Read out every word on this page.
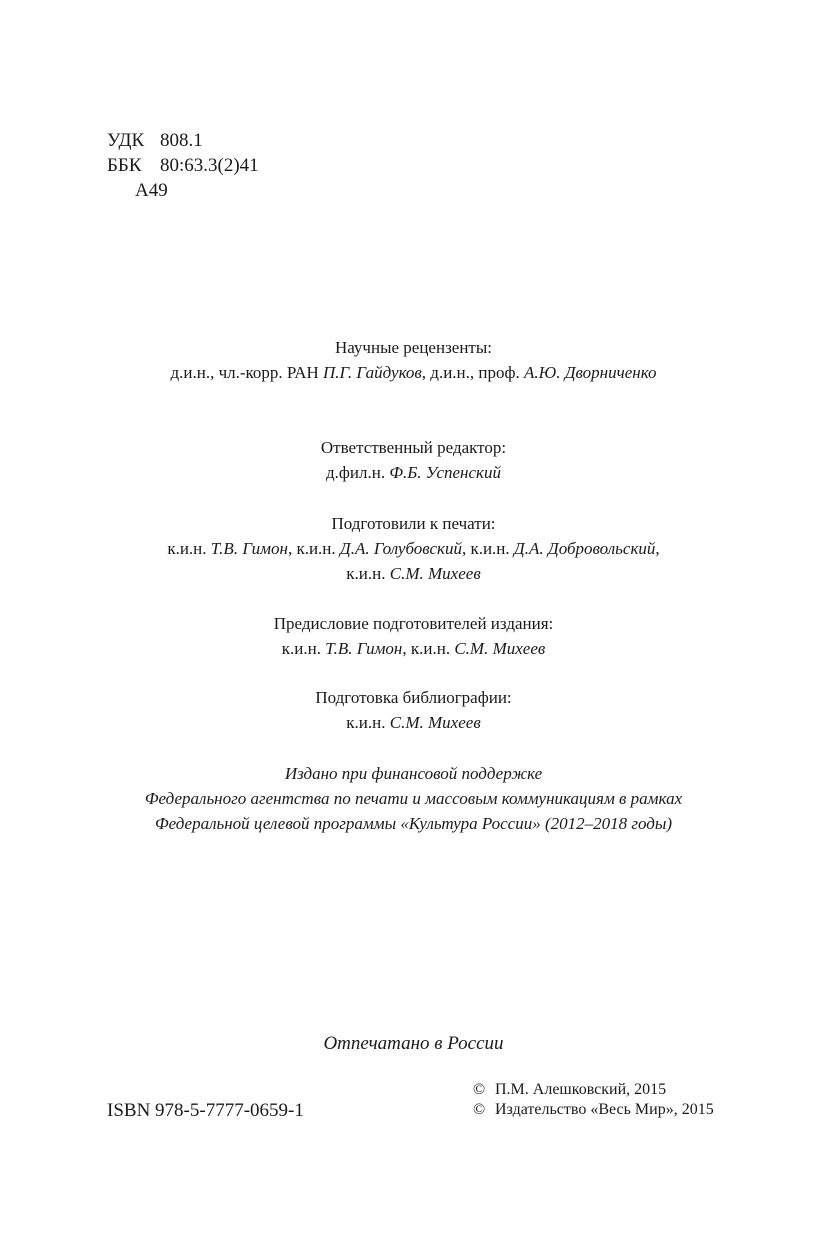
УДК 808.1
ББК 80:63.3(2)41
А49
Научные рецензенты:
д.и.н., чл.-корр. РАН П.Г. Гайдуков, д.и.н., проф. А.Ю. Дворниченко
Ответственный редактор:
д.фил.н. Ф.Б. Успенский
Подготовили к печати:
к.и.н. Т.В. Гимон, к.и.н. Д.А. Голубовский, к.и.н. Д.А. Добровольский,
к.и.н. С.М. Михеев
Предисловие подготовителей издания:
к.и.н. Т.В. Гимон, к.и.н. С.М. Михеев
Подготовка библиографии:
к.и.н. С.М. Михеев
Издано при финансовой поддержке
Федерального агентства по печати и массовым коммуникациям в рамках
Федеральной целевой программы «Культура России» (2012–2018 годы)
Отпечатано в России
ISBN 978-5-7777-0659-1
© П.М. Алешковский, 2015
© Издательство «Весь Мир», 2015
